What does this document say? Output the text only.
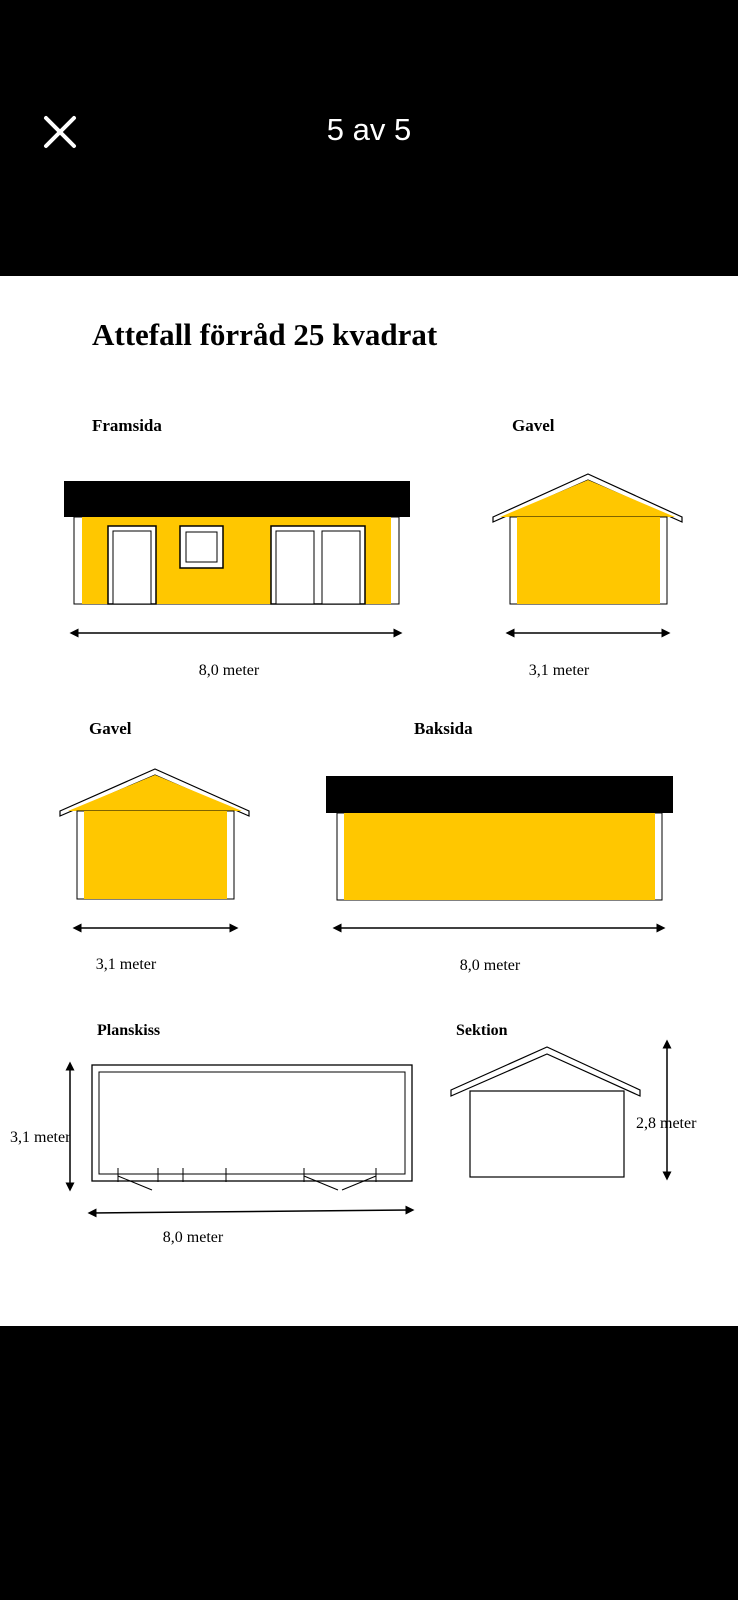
5 av 5
Attefall förråd 25 kvadrat
Framsida
8,0 meter
Gavel
3,1 meter
Gavel
3,1 meter
Baksida
8,0 meter
Planskiss
3,1 meter
8,0 meter
Sektion
2,8 meter
